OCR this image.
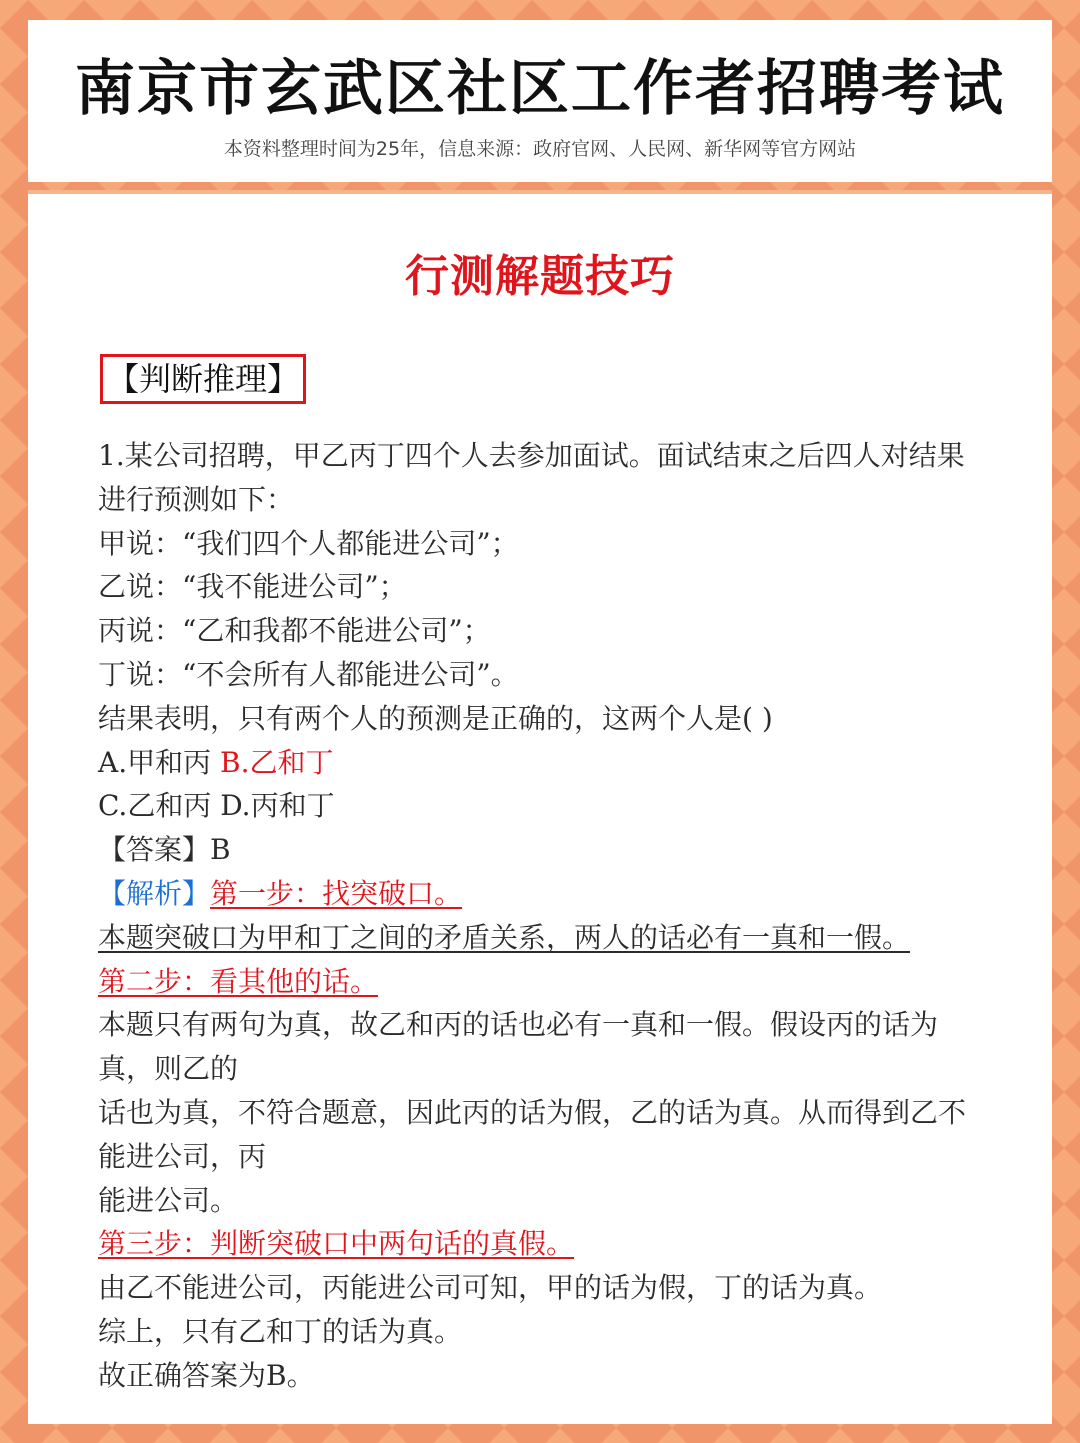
南京市玄武区社区工作者招聘考试
本资料整理时间为25年，信息来源：政府官网、人民网、新华网等官方网站
行测解题技巧
【判断推理】
1.某公司招聘，甲乙丙丁四个人去参加面试。面试结束之后四人对结果
进行预测如下：
甲说：“我们四个人都能进公司”；
乙说：“我不能进公司”；
丙说：“乙和我都不能进公司”；
丁说：“不会所有人都能进公司”。
结果表明，只有两个人的预测是正确的，这两个人是( )
A.甲和丙 B.乙和丁
C.乙和丙 D.丙和丁
【答案】B
【解析】第一步：找突破口。
本题突破口为甲和丁之间的矛盾关系，两人的话必有一真和一假。
第二步：看其他的话。
本题只有两句为真，故乙和丙的话也必有一真和一假。假设丙的话为
真，则乙的
话也为真，不符合题意，因此丙的话为假，乙的话为真。从而得到乙不
能进公司，丙
能进公司。
第三步：判断突破口中两句话的真假。
由乙不能进公司，丙能进公司可知，甲的话为假，丁的话为真。
综上，只有乙和丁的话为真。
故正确答案为B。
